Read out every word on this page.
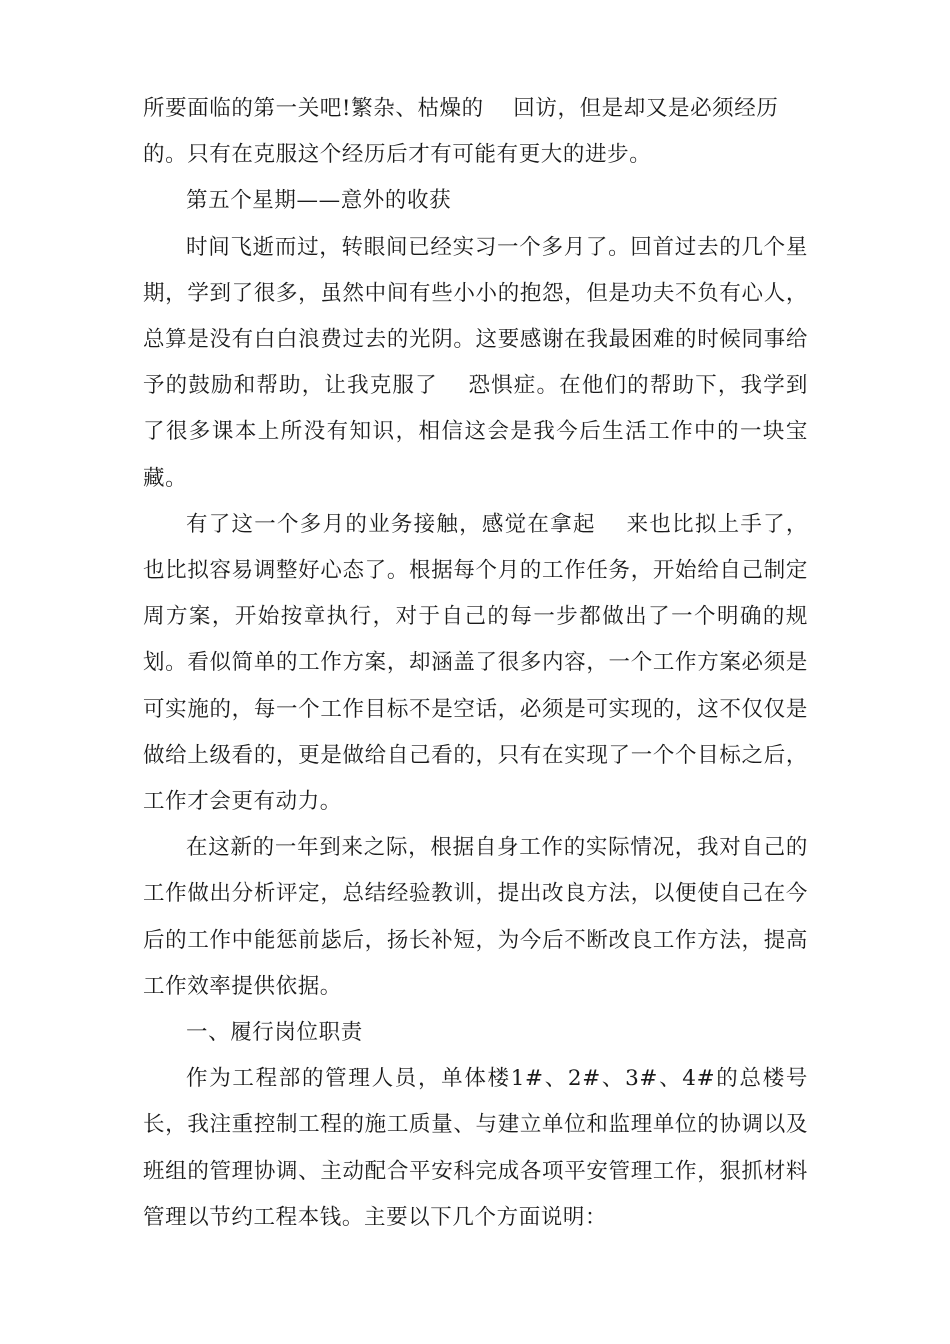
所要面临的第一关吧!繁杂、枯燥的　 回访，但是却又是必须经历的。只有在克服这个经历后才有可能有更大的进步。

第五个星期——意外的收获

时间飞逝而过，转眼间已经实习一个多月了。回首过去的几个星期，学到了很多，虽然中间有些小小的抱怨，但是功夫不负有心人，总算是没有白白浪费过去的光阴。这要感谢在我最困难的时候同事给予的鼓励和帮助，让我克服了　 恐惧症。在他们的帮助下，我学到了很多课本上所没有知识，相信这会是我今后生活工作中的一块宝藏。

有了这一个多月的业务接触，感觉在拿起　 来也比拟上手了，也比拟容易调整好心态了。根据每个月的工作任务，开始给自己制定周方案，开始按章执行，对于自己的每一步都做出了一个明确的规划。看似简单的工作方案，却涵盖了很多内容，一个工作方案必须是可实施的，每一个工作目标不是空话，必须是可实现的，这不仅仅是做给上级看的，更是做给自己看的，只有在实现了一个个目标之后，工作才会更有动力。

在这新的一年到来之际，根据自身工作的实际情况，我对自己的工作做出分析评定，总结经验教训，提出改良方法，以便使自己在今后的工作中能惩前毖后，扬长补短，为今后不断改良工作方法，提高工作效率提供依据。

一、履行岗位职责

作为工程部的管理人员，单体楼1#、2#、3#、4#的总楼号长，我注重控制工程的施工质量、与建立单位和监理单位的协调以及班组的管理协调、主动配合平安科完成各项平安管理工作，狠抓材料管理以节约工程本钱。主要以下几个方面说明：
